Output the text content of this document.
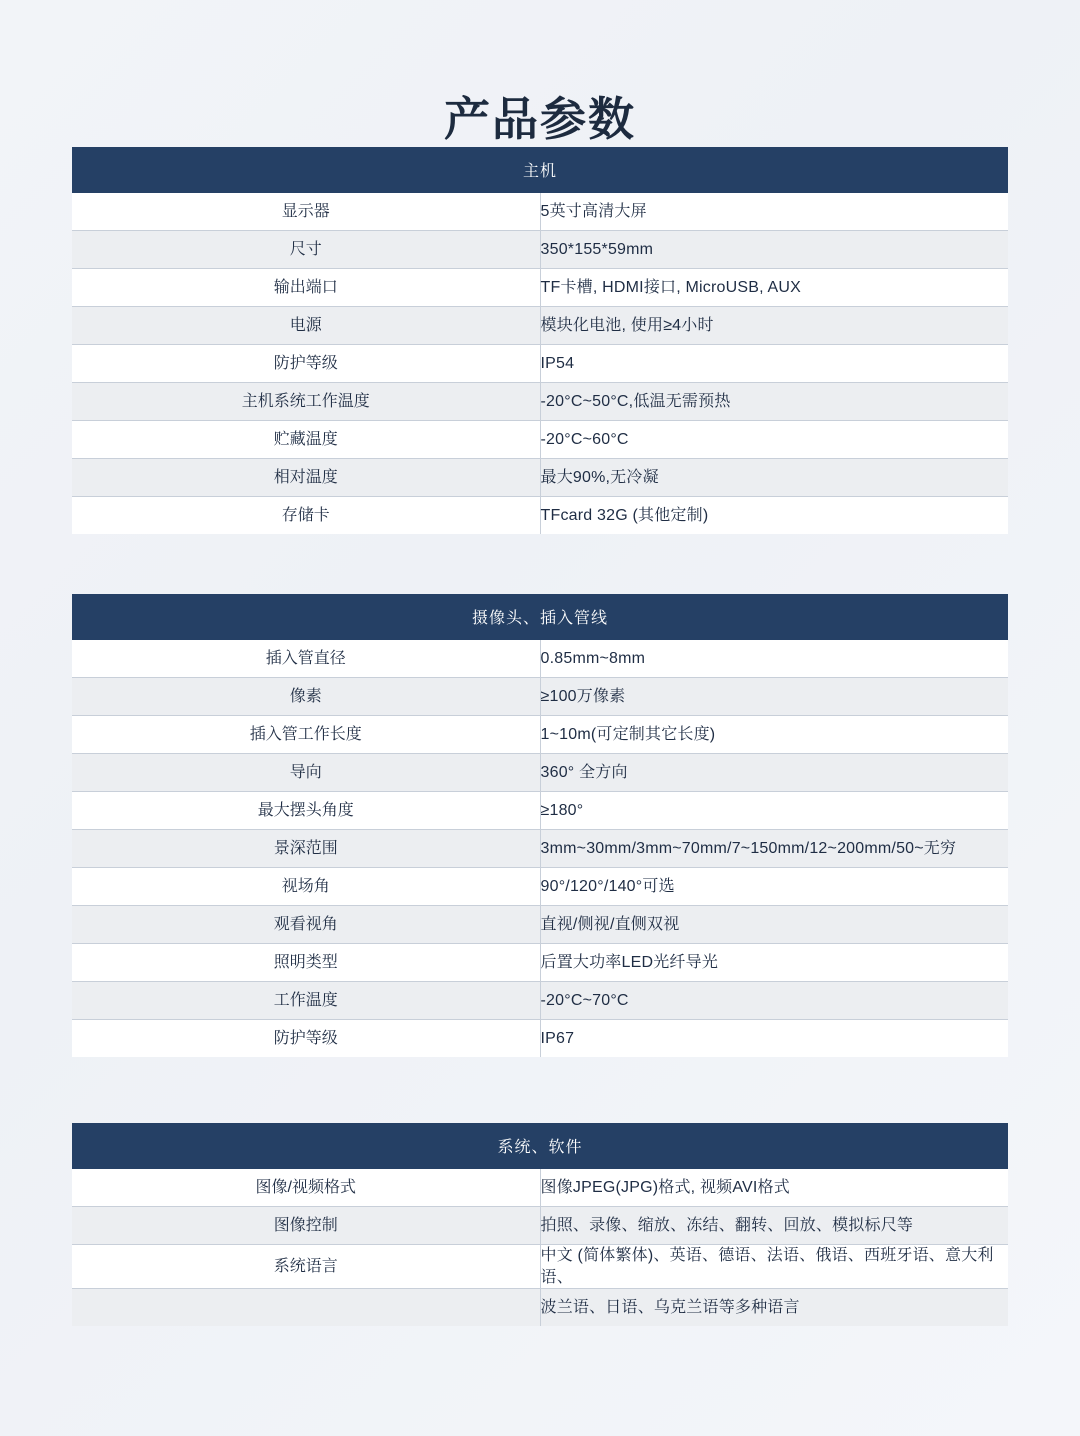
产品参数
主机	
显示器	5英寸高清大屏
尺寸	350*155*59mm
输出端口	TF卡槽, HDMI接口, MicroUSB, AUX
电源	模块化电池, 使用≥4小时
防护等级	IP54
主机系统工作温度	-20°C~50°C,低温无需预热
贮藏温度	-20°C~60°C
相对温度	最大90%,无冷凝
存储卡	TFcard 32G (其他定制)
摄像头、插入管线	
插入管直径	0.85mm~8mm
像素	≥100万像素
插入管工作长度	1~10m(可定制其它长度)
导向	360° 全方向
最大摆头角度	≥180°
景深范围	3mm~30mm/3mm~70mm/7~150mm/12~200mm/50~无穷
视场角	90°/120°/140°可选
观看视角	直视/侧视/直侧双视
照明类型	后置大功率LED光纤导光
工作温度	-20°C~70°C
防护等级	IP67
系统、软件	
图像/视频格式	图像JPEG(JPG)格式, 视频AVI格式
图像控制	拍照、录像、缩放、冻结、翻转、回放、模拟标尺等
系统语言	中文 (简体繁体)、英语、德语、法语、俄语、西班牙语、意大利语、
	波兰语、日语、乌克兰语等多种语言
